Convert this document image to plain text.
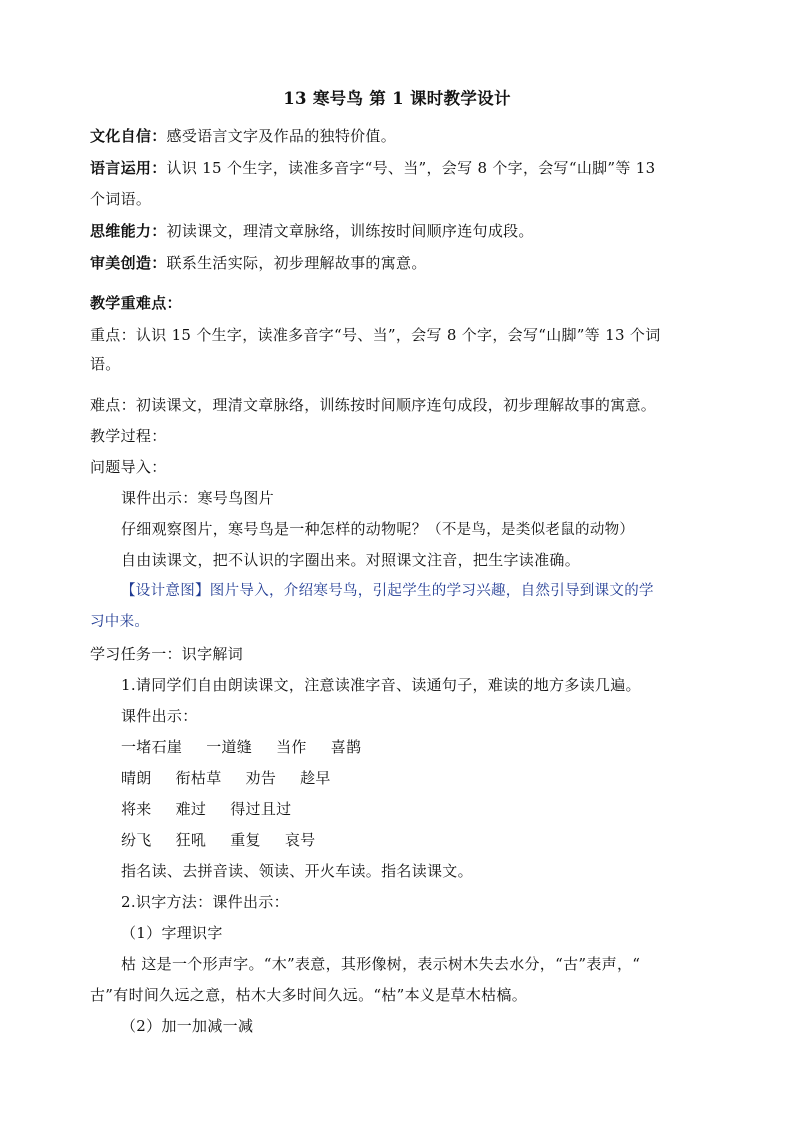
13 寒号鸟 第 1 课时教学设计
文化自信：感受语言文字及作品的独特价值。
语言运用：认识 15 个生字，读准多音字“号、当”，会写 8 个字，会写“山脚”等 13
个词语。
思维能力：初读课文，理清文章脉络，训练按时间顺序连句成段。
审美创造：联系生活实际，初步理解故事的寓意。
教学重难点：
重点：认识 15 个生字，读准多音字“号、当”，会写 8 个字，会写“山脚”等 13 个词
语。
难点：初读课文，理清文章脉络，训练按时间顺序连句成段，初步理解故事的寓意。
教学过程：
问题导入：
课件出示：寒号鸟图片
仔细观察图片，寒号鸟是一种怎样的动物呢？（不是鸟，是类似老鼠的动物）
自由读课文，把不认识的字圈出来。对照课文注音，把生字读准确。
【设计意图】图片导入，介绍寒号鸟，引起学生的学习兴趣，自然引导到课文的学
习中来。
学习任务一：识字解词
1.请同学们自由朗读课文，注意读准字音、读通句子，难读的地方多读几遍。
课件出示：
一堵石崖 一道缝 当作 喜鹊
晴朗 衔枯草 劝告 趁早
将来 难过 得过且过
纷飞 狂吼 重复 哀号
指名读、去拼音读、领读、开火车读。指名读课文。
2.识字方法：课件出示：
（1）字理识字
枯 这是一个形声字。“木”表意，其形像树，表示树木失去水分，“古”表声，“
古”有时间久远之意，枯木大多时间久远。“枯”本义是草木枯槁。
（2）加一加减一减
